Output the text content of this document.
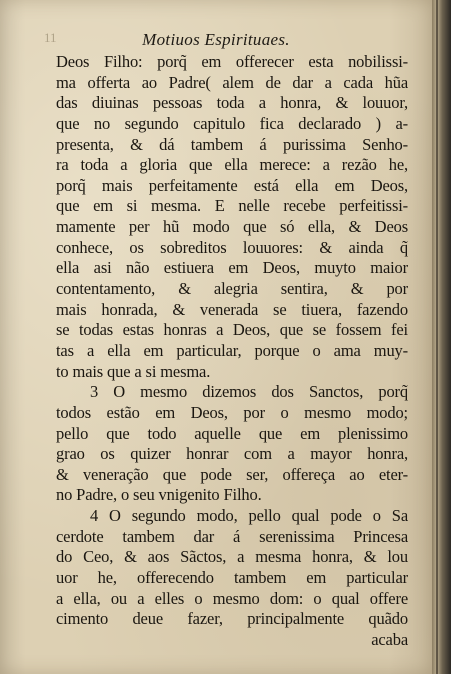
11	Motiuos Espirituaes.
Deos Filho: porq̃ em offerecer esta nobilissi-
ma offerta ao Padre( alem de dar a cada hũa
das diuinas pessoas toda a honra, & louuor,
que no segundo capitulo fica declarado ) a-
presenta, & dá tambem á purissima Senho-
ra toda a gloria que ella merece: a rezão he,
porq̃ mais perfeitamente está ella em Deos,
que em si mesma. E nelle recebe perfeitissi-
mamente per hũ modo que só ella, & Deos
conhece, os sobreditos louuores: & ainda q̃
ella asi não estiuera em Deos, muyto maior
contentamento, & alegria sentira, & por
mais honrada, & venerada se tiuera, fazendo
se todas estas honras a Deos, que se fossem fei
tas a ella em particular, porque o ama muy-
to mais que a si mesma.
3 O mesmo dizemos dos Sanctos, porq̃
todos estão em Deos, por o mesmo modo;
pello que todo aquelle que em plenissimo
grao os quizer honrar com a mayor honra,
& veneração que pode ser, offereça ao eter-
no Padre, o seu vnigenito Filho.
4 O segundo modo, pello qual pode o Sa
cerdote tambem dar á serenissima Princesa
do Ceo, & aos Sãctos, a mesma honra, & lou
uor he, offerecendo tambem em particular
a ella, ou a elles o mesmo dom: o qual offere
cimento deue fazer, principalmente quãdo
acaba
